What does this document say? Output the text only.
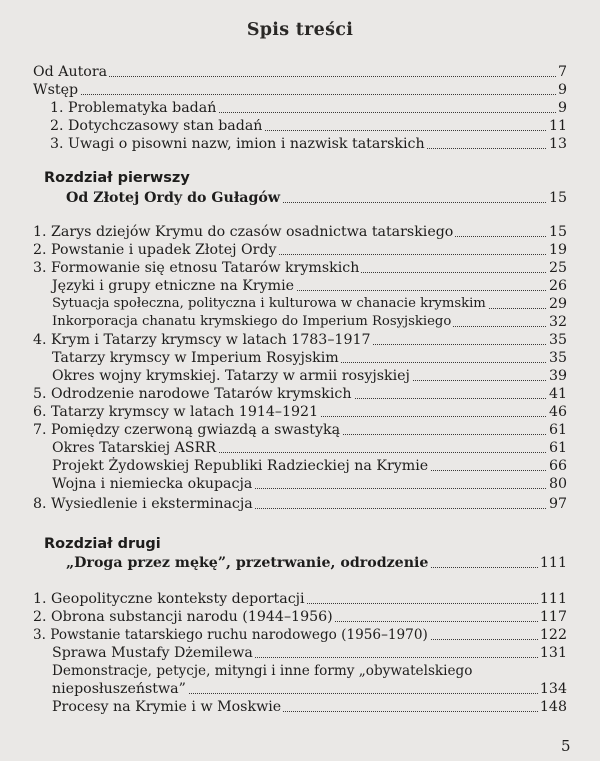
Spis treści
Od Autora	7
Wstęp	9
1. Problematyka badań	9
2. Dotychczasowy stan badań	11
3. Uwagi o pisowni nazw, imion i nazwisk tatarskich	13
Rozdział pierwszy
Od Złotej Ordy do Gułagów	15
1. Zarys dziejów Krymu do czasów osadnictwa tatarskiego	15
2. Powstanie i upadek Złotej Ordy	19
3. Formowanie się etnosu Tatarów krymskich	25
Języki i grupy etniczne na Krymie	26
Sytuacja społeczna, polityczna i kulturowa w chanacie krymskim	29
Inkorporacja chanatu krymskiego do Imperium Rosyjskiego	32
4. Krym i Tatarzy krymscy w latach 1783–1917	35
Tatarzy krymscy w Imperium Rosyjskim	35
Okres wojny krymskiej. Tatarzy w armii rosyjskiej	39
5. Odrodzenie narodowe Tatarów krymskich	41
6. Tatarzy krymscy w latach 1914–1921	46
7. Pomiędzy czerwoną gwiazdą a swastyką	61
Okres Tatarskiej ASRR	61
Projekt Żydowskiej Republiki Radzieckiej na Krymie	66
Wojna i niemiecka okupacja	80
8. Wysiedlenie i eksterminacja	97
Rozdział drugi
„Droga przez mękę”, przetrwanie, odrodzenie	111
1. Geopolityczne konteksty deportacji	111
2. Obrona substancji narodu (1944–1956)	117
3. Powstanie tatarskiego ruchu narodowego (1956–1970)	122
Sprawa Mustafy Dżemilewa	131
Demonstracje, petycje, mityngi i inne formy „obywatelskiego
nieposłuszeństwa”	134
Procesy na Krymie i w Moskwie	148
5
